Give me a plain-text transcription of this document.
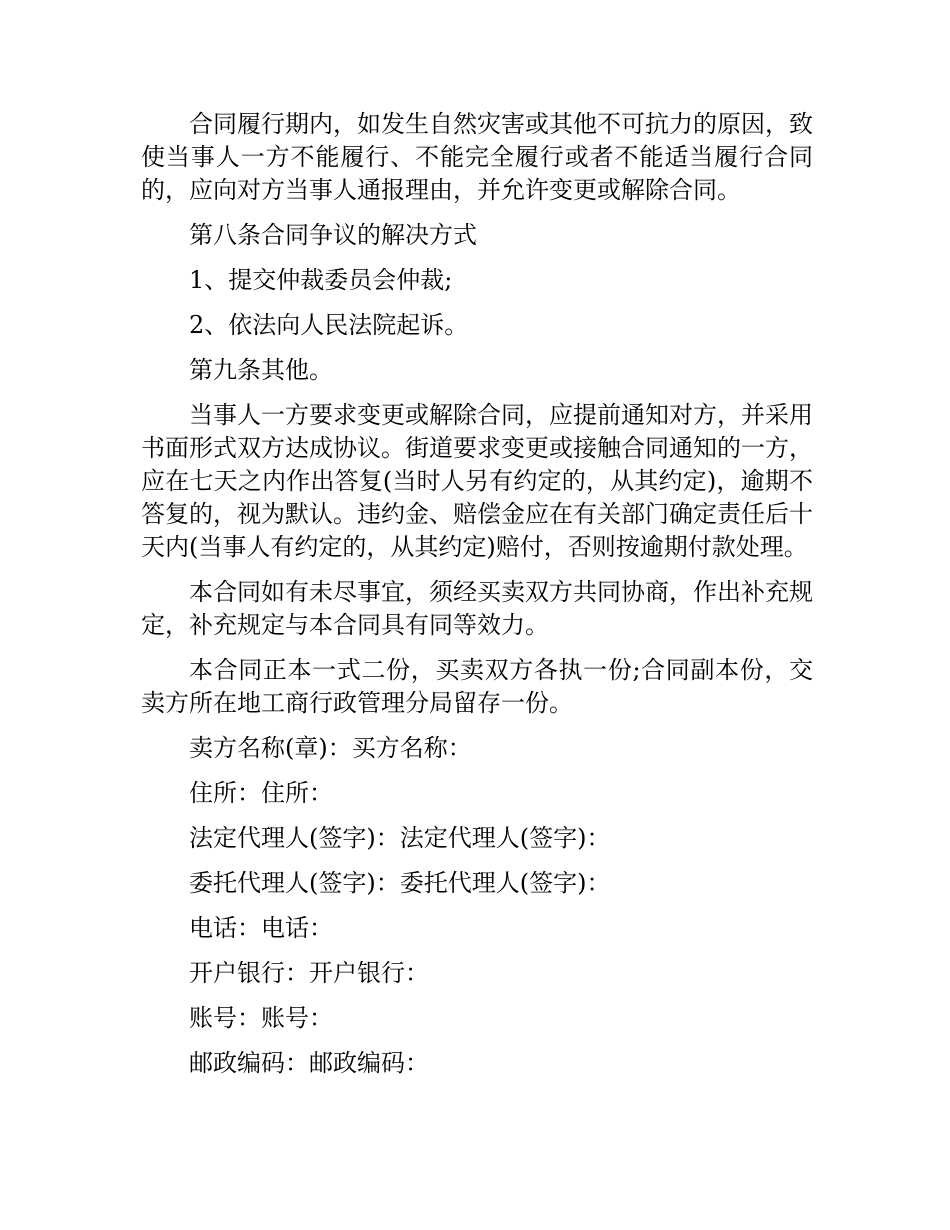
合同履行期内，如发生自然灾害或其他不可抗力的原因，致使当事人一方不能履行、不能完全履行或者不能适当履行合同的，应向对方当事人通报理由，并允许变更或解除合同。

第八条合同争议的解决方式

1、提交仲裁委员会仲裁;

2、依法向人民法院起诉。

第九条其他。

当事人一方要求变更或解除合同，应提前通知对方，并采用书面形式双方达成协议。街道要求变更或接触合同通知的一方，应在七天之内作出答复(当时人另有约定的，从其约定)，逾期不答复的，视为默认。违约金、赔偿金应在有关部门确定责任后十天内(当事人有约定的，从其约定)赔付，否则按逾期付款处理。

本合同如有未尽事宜，须经买卖双方共同协商，作出补充规定，补充规定与本合同具有同等效力。

本合同正本一式二份，买卖双方各执一份;合同副本份，交卖方所在地工商行政管理分局留存一份。

卖方名称(章)：买方名称：

住所：住所：

法定代理人(签字)：法定代理人(签字)：

委托代理人(签字)：委托代理人(签字)：

电话：电话：

开户银行：开户银行：

账号：账号：

邮政编码：邮政编码：
